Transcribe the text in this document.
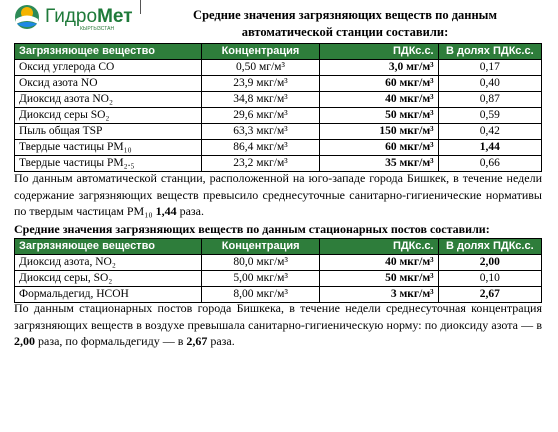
ГидроМет
КЫРГЫЗСТАН
Средние значения загрязняющих веществ по данным автоматической станции составили:
Загрязняющее вещество	Концентрация	ПДКс.с.	В долях ПДКс.с.
Оксид углерода СО	0,50 мг/м³	3,0 мг/м³	0,17
Оксид азота NO	23,9 мкг/м³	60 мкг/м³	0,40
Диоксид азота NO₂	34,8 мкг/м³	40 мкг/м³	0,87
Диоксид серы SO₂	29,6 мкг/м³	50 мкг/м³	0,59
Пыль общая TSP	63,3 мкг/м³	150 мкг/м³	0,42
Твердые частицы PM₁₀	86,4 мкг/м³	60 мкг/м³	1,44
Твердые частицы PM₂.₅	23,2 мкг/м³	35 мкг/м³	0,66
По данным автоматической станции, расположенной на юго-западе города Бишкек, в течение недели содержание загрязняющих веществ превысило среднесуточные санитарно-гигиенические нормативы по твердым частицам PM₁₀ 1,44 раза.
Средние значения загрязняющих веществ по данным стационарных постов составили:
Загрязняющее вещество	Концентрация	ПДКс.с.	В долях ПДКс.с.
Диоксид азота, NO₂	80,0 мкг/м³	40 мкг/м³	2,00
Диоксид серы, SO₂	5,00 мкг/м³	50 мкг/м³	0,10
Формальдегид, НСОН	8,00 мкг/м³	3 мкг/м³	2,67
По данным стационарных постов города Бишкека, в течение недели среднесуточная концентрация загрязняющих веществ в воздухе превышала санитарно-гигиеническую норму: по диоксиду азота — в 2,00 раза, по формальдегиду — в 2,67 раза.
